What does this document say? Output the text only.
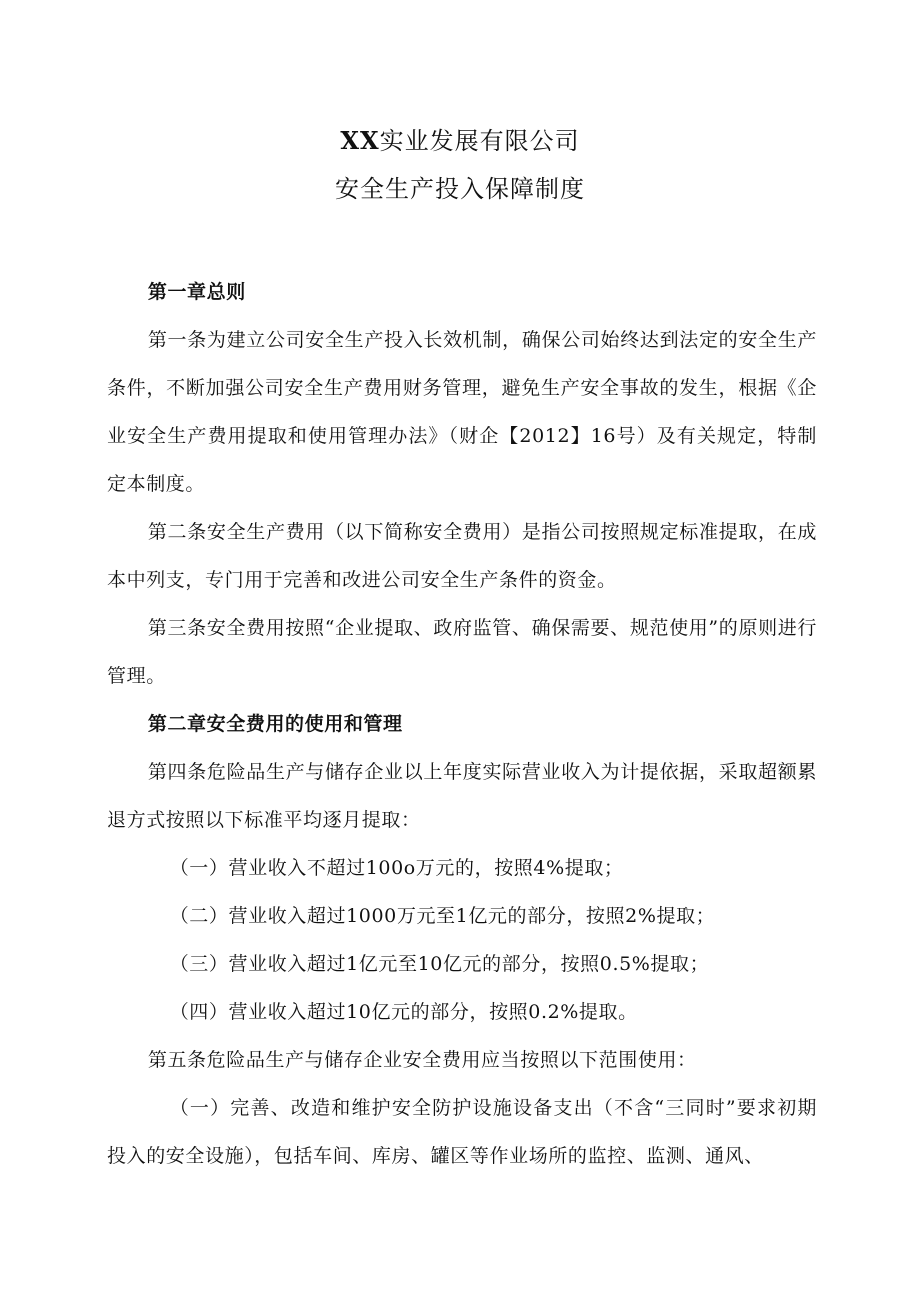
XX实业发展有限公司
安全生产投入保障制度

第一章总则

第一条为建立公司安全生产投入长效机制，确保公司始终达到法定的安全生产条件，不断加强公司安全生产费用财务管理，避免生产安全事故的发生，根据《企业安全生产费用提取和使用管理办法》（财企【2012】16号）及有关规定，特制定本制度。

第二条安全生产费用（以下简称安全费用）是指公司按照规定标准提取，在成本中列支，专门用于完善和改进公司安全生产条件的资金。

第三条安全费用按照“企业提取、政府监管、确保需要、规范使用”的原则进行管理。

第二章安全费用的使用和管理

第四条危险品生产与储存企业以上年度实际营业收入为计提依据，采取超额累退方式按照以下标准平均逐月提取：

（一）营业收入不超过100o万元的，按照4%提取；

（二）营业收入超过1000万元至1亿元的部分，按照2%提取；

（三）营业收入超过1亿元至10亿元的部分，按照0.5%提取；

（四）营业收入超过10亿元的部分，按照0.2%提取。

第五条危险品生产与储存企业安全费用应当按照以下范围使用：

（一）完善、改造和维护安全防护设施设备支出（不含“三同时”要求初期投入的安全设施），包括车间、库房、罐区等作业场所的监控、监测、通风、
